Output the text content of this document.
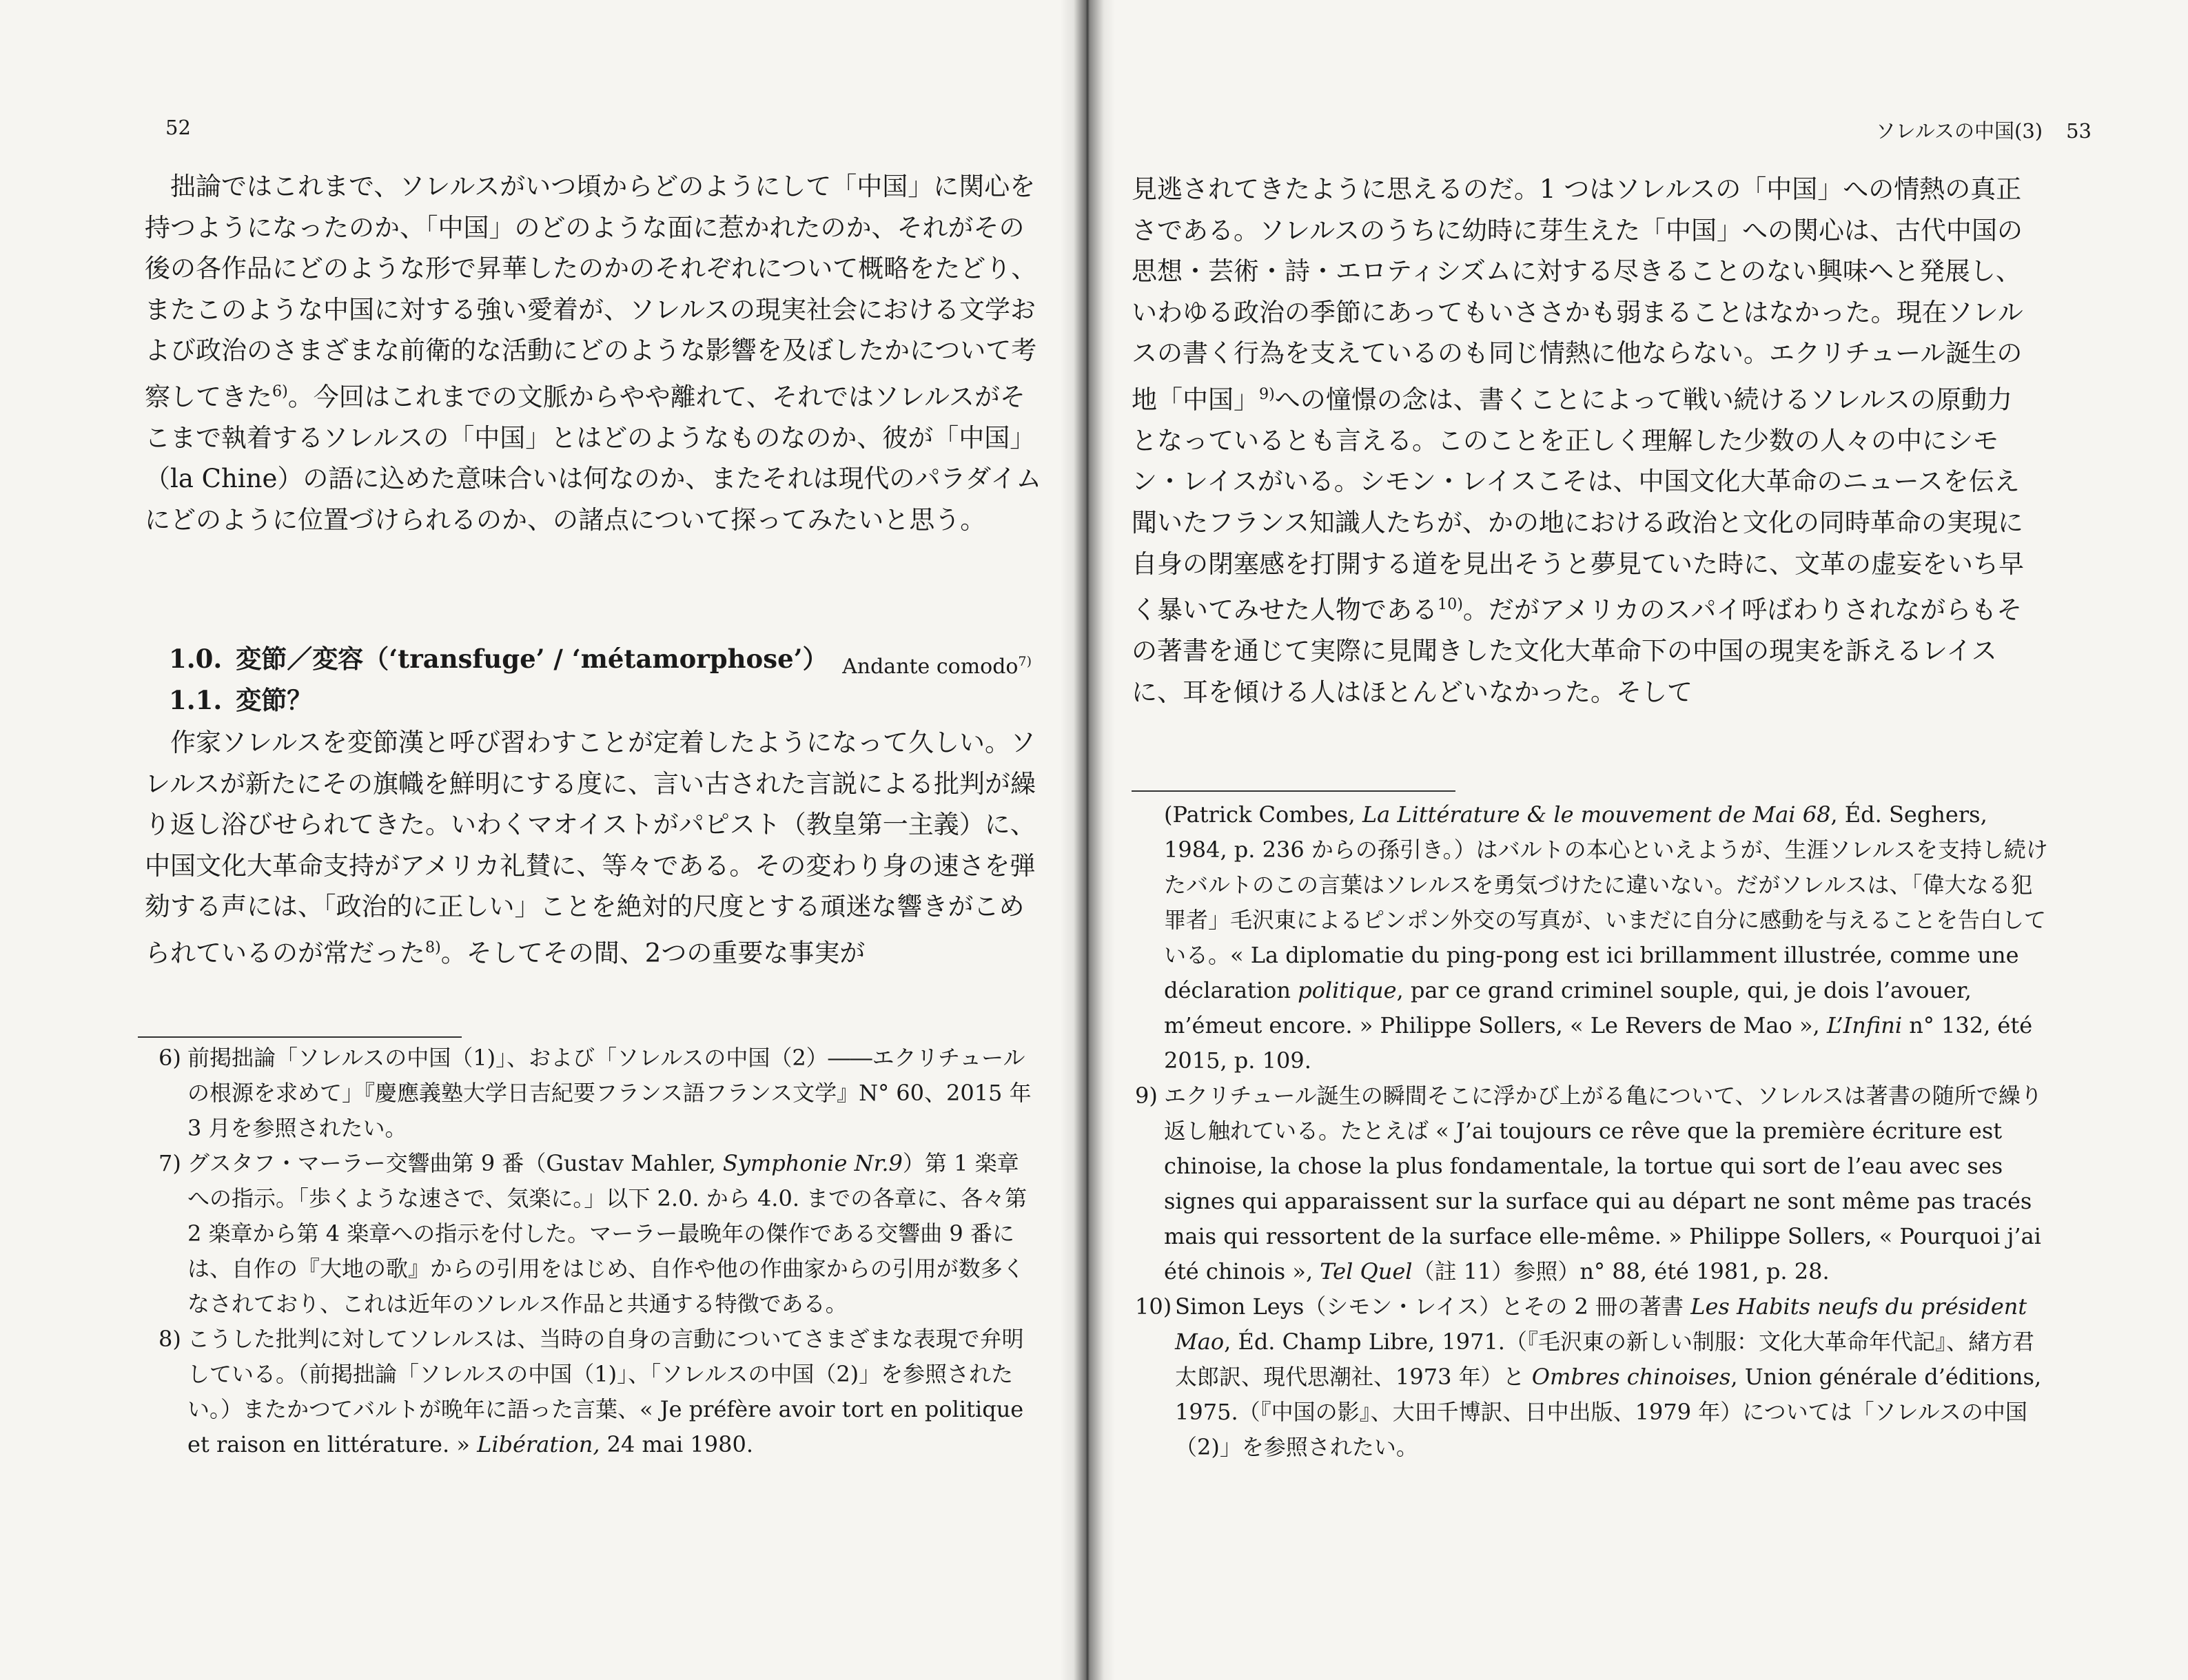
52

拙論ではこれまで、ソレルスがいつ頃からどのようにして「中国」に関心を持つようになったのか、「中国」のどのような面に惹かれたのか、それがその後の各作品にどのような形で昇華したのかのそれぞれについて概略をたどり、またこのような中国に対する強い愛着が、ソレルスの現実社会における文学および政治のさまざまな前衛的な活動にどのような影響を及ぼしたかについて考察してきた$^{6)}$。今回はこれまでの文脈からやや離れて、それではソレルスがそこまで執着するソレルスの「中国」とはどのようなものなのか、彼が「中国」（la Chine）の語に込めた意味合いは何なのか、またそれは現代のパラダイムにどのように位置づけられるのか、の諸点について探ってみたいと思う。

1.0. 変節／変容（‘transfuge’ / ‘métamorphose’） Andante comodo$^{7)}$
1.1. 変節？

作家ソレルスを変節漢と呼び習わすことが定着したようになって久しい。ソレルスが新たにその旗幟を鮮明にする度に、言い古された言説による批判が繰り返し浴びせられてきた。いわくマオイストがパピスト（教皇第一主義）に、中国文化大革命支持がアメリカ礼賛に、等々である。その変わり身の速さを弾劾する声には、「政治的に正しい」ことを絶対的尺度とする頑迷な響きがこめられているのが常だった$^{8)}$。そしてその間、2つの重要な事実が

6) 前掲拙論「ソレルスの中国（1)」、および「ソレルスの中国（2）――エクリチュールの根源を求めて」『慶應義塾大学日吉紀要フランス語フランス文学』N° 60、2015 年 3 月を参照されたい。

7) グスタフ・マーラー交響曲第 9 番（Gustav Mahler, Symphonie Nr.9）第 1 楽章への指示。「歩くような速さで、気楽に。」以下 2.0. から 4.0. までの各章に、各々第 2 楽章から第 4 楽章への指示を付した。マーラー最晩年の傑作である交響曲 9 番には、自作の『大地の歌』からの引用をはじめ、自作や他の作曲家からの引用が数多くなされており、これは近年のソレルス作品と共通する特徴である。

8) こうした批判に対してソレルスは、当時の自身の言動についてさまざまな表現で弁明している。（前掲拙論「ソレルスの中国（1)」、「ソレルスの中国（2)」を参照されたい。）またかつてバルトが晩年に語った言葉、« Je préfère avoir tort en politique et raison en littérature. » Libération, 24 mai 1980.

ソレルスの中国(3) 53

見逃されてきたように思えるのだ。1 つはソレルスの「中国」への情熱の真正さである。ソレルスのうちに幼時に芽生えた「中国」への関心は、古代中国の思想・芸術・詩・エロティシズムに対する尽きることのない興味へと発展し、いわゆる政治の季節にあってもいささかも弱まることはなかった。現在ソレルスの書く行為を支えているのも同じ情熱に他ならない。エクリチュール誕生の地「中国」$^{9)}$への憧憬の念は、書くことによって戦い続けるソレルスの原動力となっているとも言える。このことを正しく理解した少数の人々の中にシモン・レイスがいる。シモン・レイスこそは、中国文化大革命のニュースを伝え聞いたフランス知識人たちが、かの地における政治と文化の同時革命の実現に自身の閉塞感を打開する道を見出そうと夢見ていた時に、文革の虚妄をいち早く暴いてみせた人物である$^{10)}$。だがアメリカのスパイ呼ばわりされながらもその著書を通じて実際に見聞きした文化大革命下の中国の現実を訴えるレイスに、耳を傾ける人はほとんどいなかった。そして

(Patrick Combes, La Littérature & le mouvement de Mai 68, Éd. Seghers, 1984, p. 236 からの孫引き。）はバルトの本心といえようが、生涯ソレルスを支持し続けたバルトのこの言葉はソレルスを勇気づけたに違いない。だがソレルスは、「偉大なる犯罪者」毛沢東によるピンポン外交の写真が、いまだに自分に感動を与えることを告白している。« La diplomatie du ping-pong est ici brillamment illustrée, comme une déclaration politique, par ce grand criminel souple, qui, je dois l’avouer, m’émeut encore. » Philippe Sollers, « Le Revers de Mao », L’Infini n° 132, été 2015, p. 109.

9) エクリチュール誕生の瞬間そこに浮かび上がる亀について、ソレルスは著書の随所で繰り返し触れている。たとえば « J’ai toujours ce rêve que la première écriture est chinoise, la chose la plus fondamentale, la tortue qui sort de l’eau avec ses signes qui apparaissent sur la surface qui au départ ne sont même pas tracés mais qui ressortent de la surface elle-même. » Philippe Sollers, « Pourquoi j’ai été chinois », Tel Quel（註 11）参照）n° 88, été 1981, p. 28.

10) Simon Leys（シモン・レイス）とその 2 冊の著書 Les Habits neufs du président Mao, Éd. Champ Libre, 1971.（『毛沢東の新しい制服：文化大革命年代記』、緒方君太郎訳、現代思潮社、1973 年）と Ombres chinoises, Union générale d’éditions, 1975.（『中国の影』、大田千博訳、日中出版、1979 年）については「ソレルスの中国（2)」を参照されたい。
